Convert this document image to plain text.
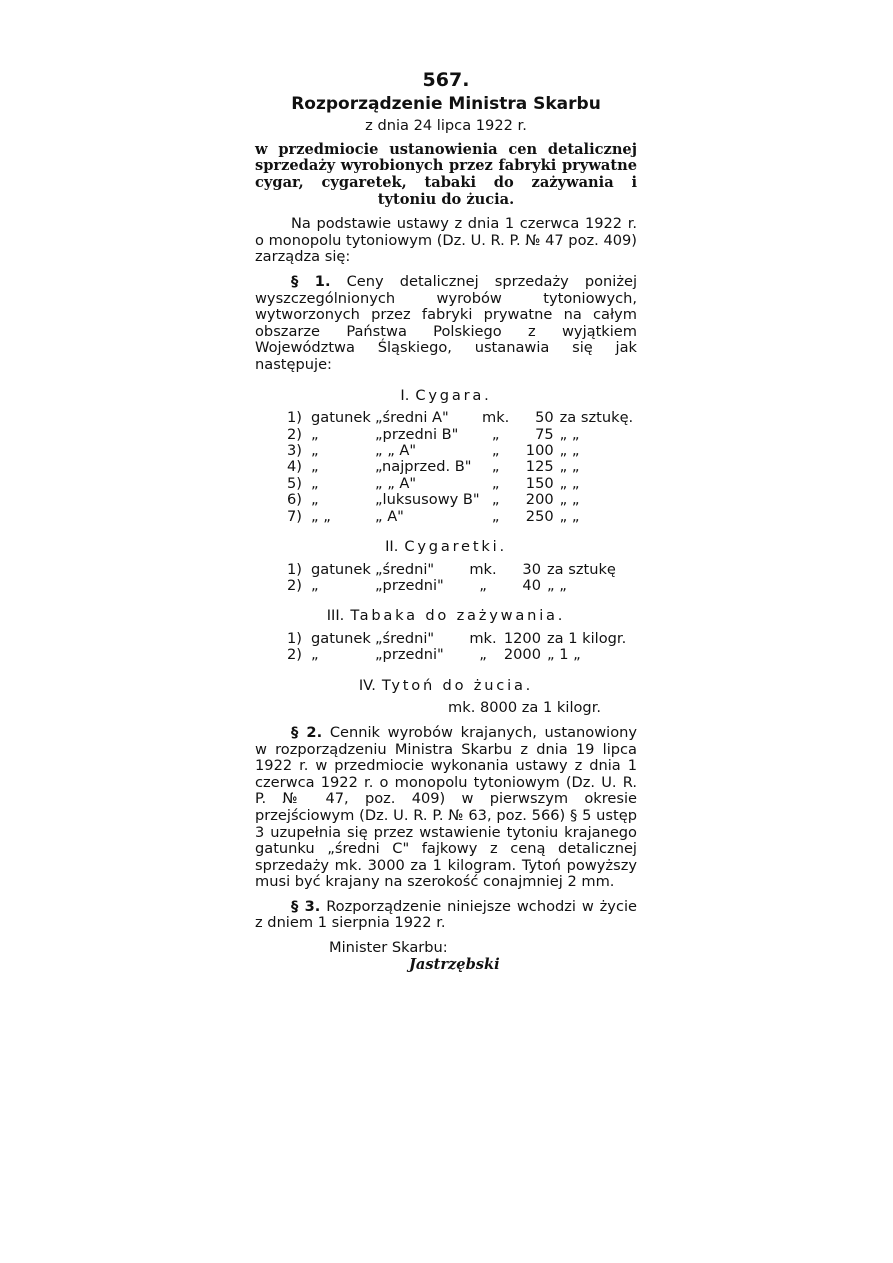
567.
Rozporządzenie Ministra Skarbu
z dnia 24 lipca 1922 r.
w przedmiocie ustanowienia cen detalicznej sprzedaży wyrobionych przez fabryki prywatne cygar, cygaretek, tabaki do zażywania i tytoniu do żucia.
Na podstawie ustawy z dnia 1 czerwca 1922 r. o monopolu tytoniowym (Dz. U. R. P. № 47 poz. 409) zarządza się:
§ 1. Ceny detalicznej sprzedaży poniżej wyszczególnionych wyrobów tytoniowych, wytworzonych przez fabryki prywatne na całym obszarze Państwa Polskiego z wyjątkiem Województwa Śląskiego, ustanawia się jak następuje:
I. Cygara.
1)	gatunek	„średni A"	mk.	50	za sztukę.
2)	„	„przedni B"	„	75	„ „
3)	„	„ „ A"	„	100	„ „
4)	„	„najprzed. B"	„	125	„ „
5)	„	„ „ A"	„	150	„ „
6)	„	„luksusowy B"	„	200	„ „
7)	„ „	„ A"	„	250	„ „
II. Cygaretki.
1)	gatunek	„średni"	mk.	30	za sztukę
2)	„	„przedni"	„	40	„ „
III. Tabaka do zażywania.
1)	gatunek	„średni"	mk.	1200	za 1 kilogr.
2)	„	„przedni"	„	2000	„ 1 „
IV. Tytoń do żucia.
mk. 8000 za 1 kilogr.
§ 2. Cennik wyrobów krajanych, ustanowiony w rozporządzeniu Ministra Skarbu z dnia 19 lipca 1922 r. w przedmiocie wykonania ustawy z dnia 1 czerwca 1922 r. o monopolu tytoniowym (Dz. U. R. P. № 47, poz. 409) w pierwszym okresie przejściowym (Dz. U. R. P. № 63, poz. 566) § 5 ustęp 3 uzupełnia się przez wstawienie tytoniu krajanego gatunku „średni C" fajkowy z ceną detalicznej sprzedaży mk. 3000 za 1 kilogram. Tytoń powyższy musi być krajany na szerokość conajmniej 2 mm.
§ 3. Rozporządzenie niniejsze wchodzi w życie z dniem 1 sierpnia 1922 r.
Minister Skarbu:
Jastrzębski
